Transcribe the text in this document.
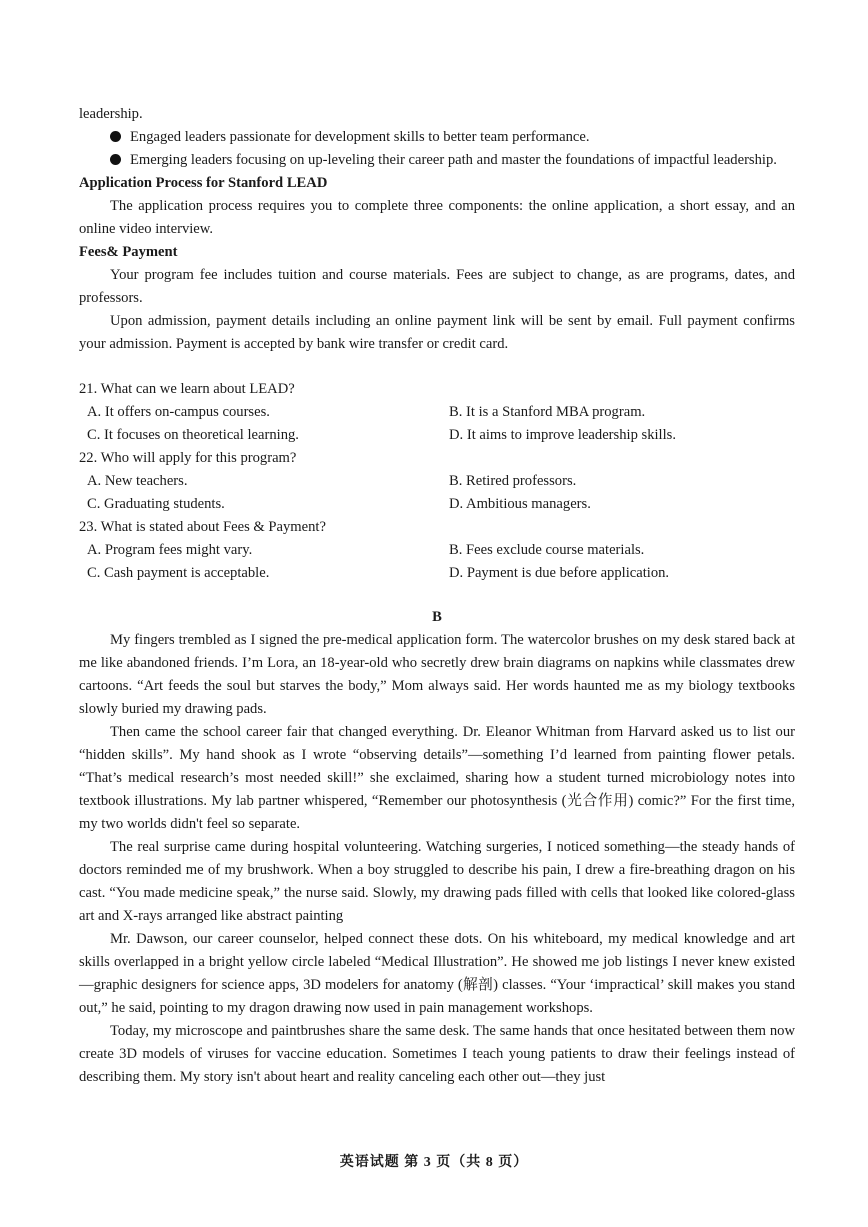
leadership.

Engaged leaders passionate for development skills to better team performance.

Emerging leaders focusing on up-leveling their career path and master the foundations of impactful leadership.

Application Process for Stanford LEAD

The application process requires you to complete three components: the online application, a short essay, and an online video interview.

Fees& Payment

Your program fee includes tuition and course materials. Fees are subject to change, as are programs, dates, and professors.

Upon admission, payment details including an online payment link will be sent by email. Full payment confirms your admission. Payment is accepted by bank wire transfer or credit card.

21. What can we learn about LEAD?
A. It offers on-campus courses.	B. It is a Stanford MBA program.
C. It focuses on theoretical learning.	D. It aims to improve leadership skills.
22. Who will apply for this program?
A. New teachers.	B. Retired professors.
C. Graduating students.	D. Ambitious managers.
23. What is stated about Fees & Payment?
A. Program fees might vary.	B. Fees exclude course materials.
C. Cash payment is acceptable.	D. Payment is due before application.
B

My fingers trembled as I signed the pre-medical application form. The watercolor brushes on my desk stared back at me like abandoned friends. I’m Lora, an 18-year-old who secretly drew brain diagrams on napkins while classmates drew cartoons. “Art feeds the soul but starves the body,” Mom always said. Her words haunted me as my biology textbooks slowly buried my drawing pads.

Then came the school career fair that changed everything. Dr. Eleanor Whitman from Harvard asked us to list our “hidden skills”. My hand shook as I wrote “observing details”—something I’d learned from painting flower petals. “That’s medical research’s most needed skill!” she exclaimed, sharing how a student turned microbiology notes into textbook illustrations. My lab partner whispered, “Remember our photosynthesis (光合作用) comic?” For the first time, my two worlds didn't feel so separate.

The real surprise came during hospital volunteering. Watching surgeries, I noticed something—the steady hands of doctors reminded me of my brushwork. When a boy struggled to describe his pain, I drew a fire-breathing dragon on his cast. “You made medicine speak,” the nurse said. Slowly, my drawing pads filled with cells that looked like colored-glass art and X-rays arranged like abstract painting

Mr. Dawson, our career counselor, helped connect these dots. On his whiteboard, my medical knowledge and art skills overlapped in a bright yellow circle labeled “Medical Illustration”. He showed me job listings I never knew existed—graphic designers for science apps, 3D modelers for anatomy (解剖) classes. “Your ‘impractical’ skill makes you stand out,” he said, pointing to my dragon drawing now used in pain management workshops.

Today, my microscope and paintbrushes share the same desk. The same hands that once hesitated between them now create 3D models of viruses for vaccine education. Sometimes I teach young patients to draw their feelings instead of describing them. My story isn't about heart and reality canceling each other out—they just

英语试题 第 3 页（共 8 页）
